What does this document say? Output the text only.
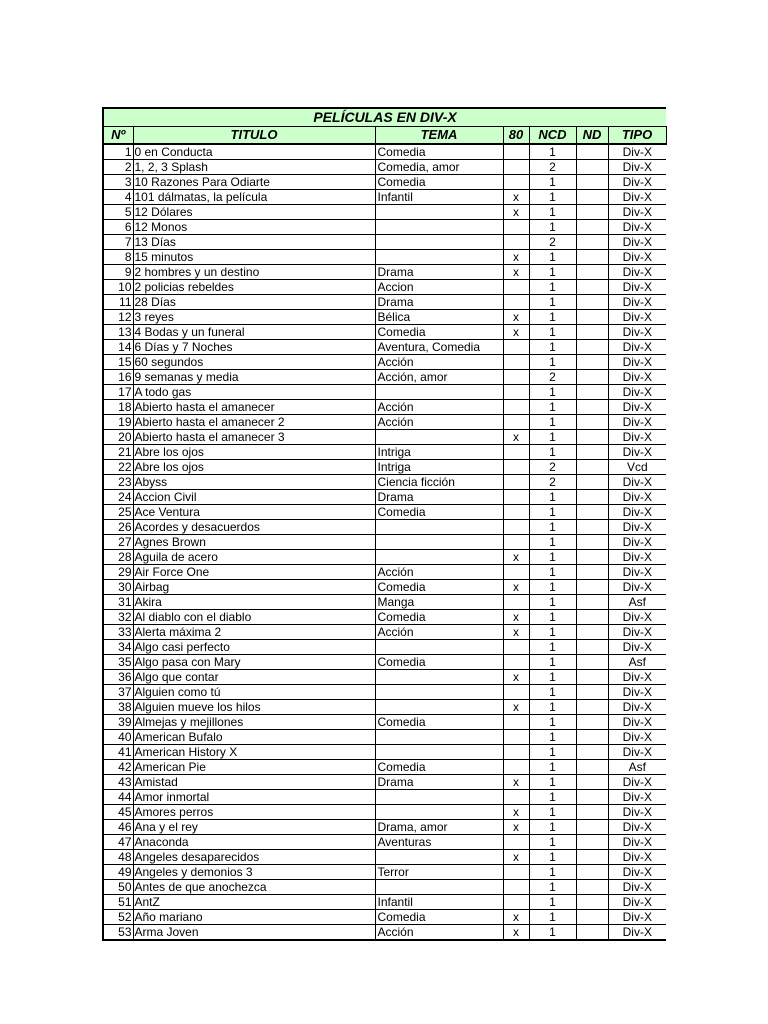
PELÍCULAS EN DIV-X						
Nº	TITULO	TEMA	80	NCD	ND	TIPO
1	0 en Conducta	Comedia		1		Div-X
2	1, 2, 3 Splash	Comedia, amor		2		Div-X
3	10 Razones Para Odiarte	Comedia		1		Div-X
4	101 dálmatas, la película	Infantil	x	1		Div-X
5	12 Dólares		x	1		Div-X
6	12 Monos			1		Div-X
7	13 Días			2		Div-X
8	15 minutos		x	1		Div-X
9	2 hombres y un destino	Drama	x	1		Div-X
10	2 policias rebeldes	Accion		1		Div-X
11	28 Días	Drama		1		Div-X
12	3 reyes	Bélica	x	1		Div-X
13	4 Bodas y un funeral	Comedia	x	1		Div-X
14	6 Días y 7 Noches	Aventura, Comedia		1		Div-X
15	60 segundos	Acción		1		Div-X
16	9 semanas y media	Acción, amor		2		Div-X
17	A todo gas			1		Div-X
18	Abierto hasta el amanecer	Acción		1		Div-X
19	Abierto hasta el amanecer 2	Acción		1		Div-X
20	Abierto hasta el amanecer 3		x	1		Div-X
21	Abre los ojos	Intriga		1		Div-X
22	Abre los ojos	Intriga		2		Vcd
23	Abyss	Ciencia ficción		2		Div-X
24	Accion Civil	Drama		1		Div-X
25	Ace Ventura	Comedia		1		Div-X
26	Acordes y desacuerdos			1		Div-X
27	Agnes Brown			1		Div-X
28	Aguila de acero		x	1		Div-X
29	Air Force One	Acción		1		Div-X
30	Airbag	Comedia	x	1		Div-X
31	Akira	Manga		1		Asf
32	Al diablo con el diablo	Comedia	x	1		Div-X
33	Alerta máxima 2	Acción	x	1		Div-X
34	Algo casi perfecto			1		Div-X
35	Algo pasa con Mary	Comedia		1		Asf
36	Algo que contar		x	1		Div-X
37	Alguien como tú			1		Div-X
38	Alguien mueve los hilos		x	1		Div-X
39	Almejas y mejillones	Comedia		1		Div-X
40	American Bufalo			1		Div-X
41	American History X			1		Div-X
42	American Pie	Comedia		1		Asf
43	Amistad	Drama	x	1		Div-X
44	Amor inmortal			1		Div-X
45	Amores perros		x	1		Div-X
46	Ana y el rey	Drama, amor	x	1		Div-X
47	Anaconda	Aventuras		1		Div-X
48	Angeles desaparecidos		x	1		Div-X
49	Angeles y demonios 3	Terror		1		Div-X
50	Antes de que anochezca			1		Div-X
51	AntZ	Infantil		1		Div-X
52	Año mariano	Comedia	x	1		Div-X
53	Arma Joven	Acción	x	1		Div-X
